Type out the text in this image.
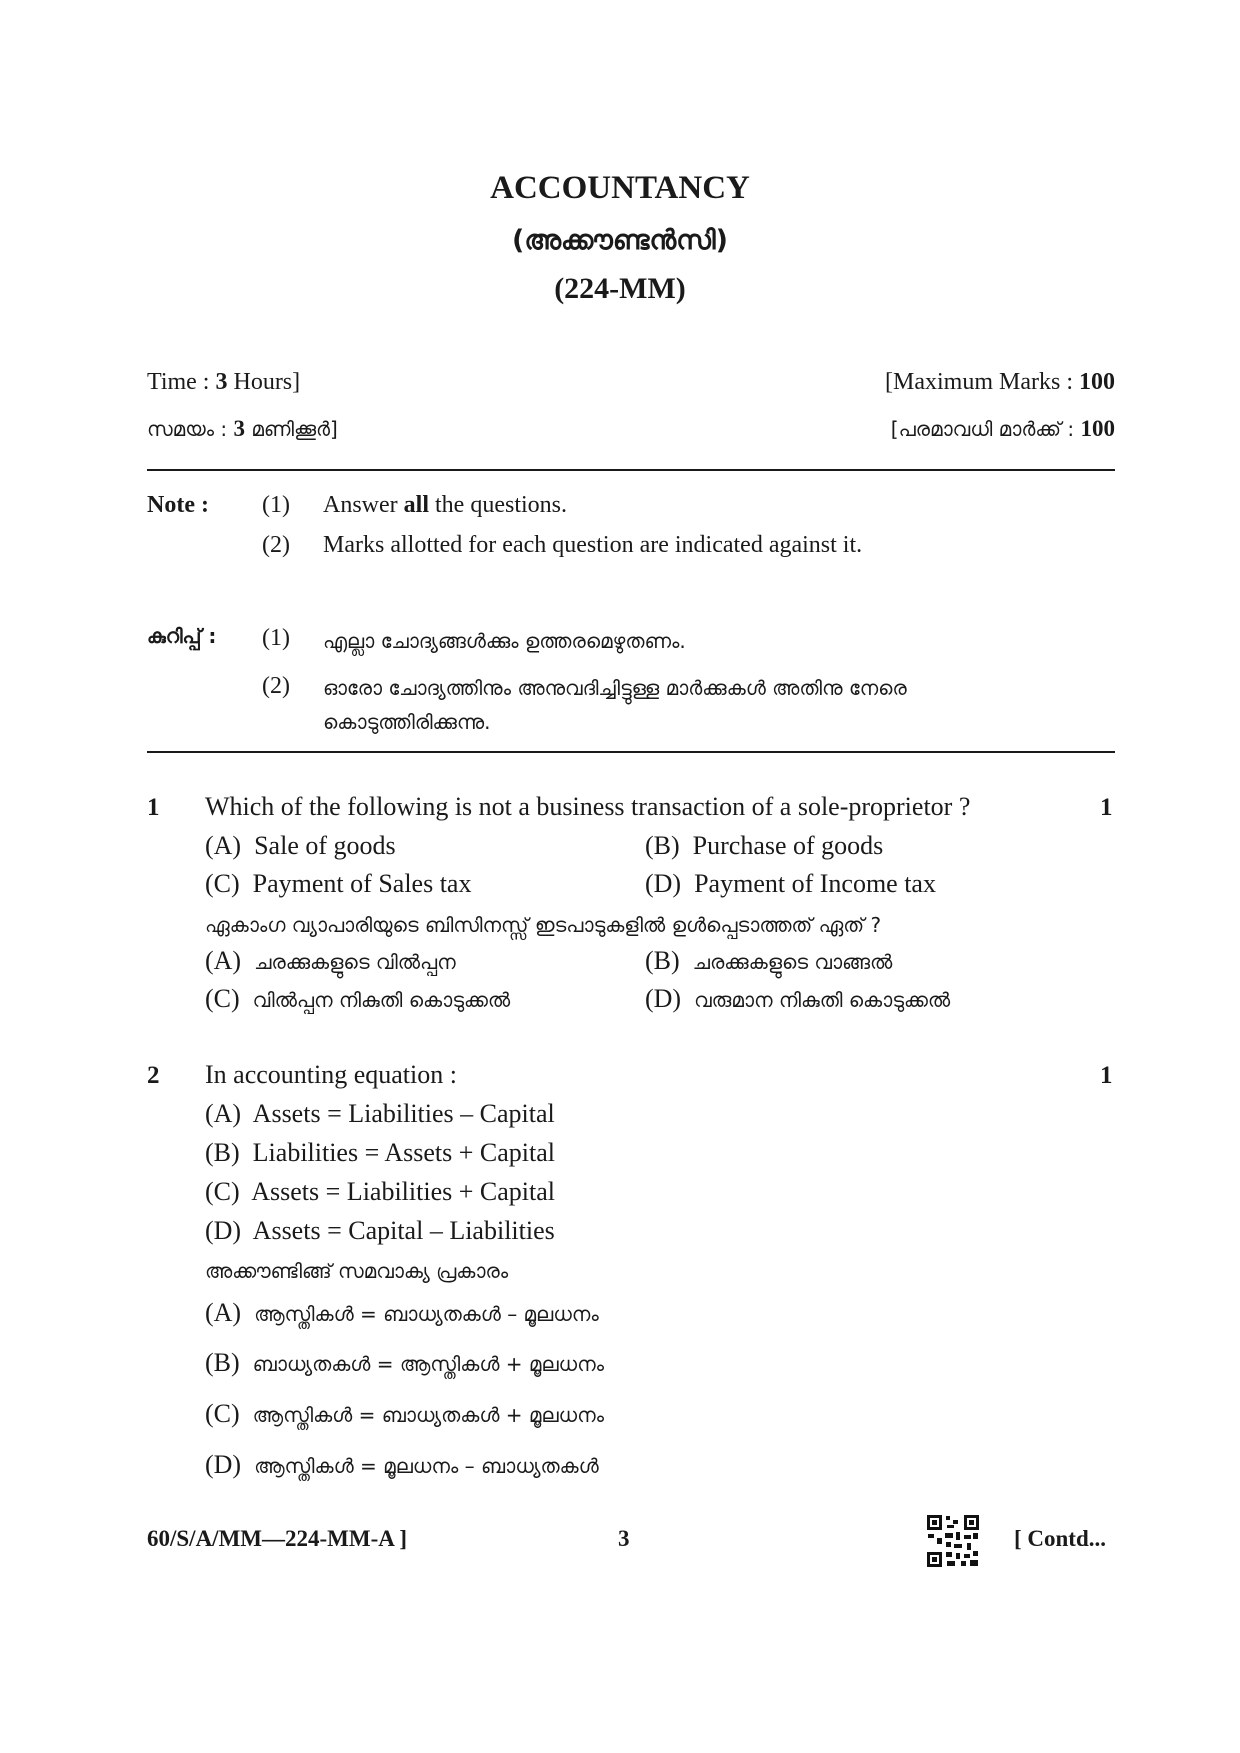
ACCOUNTANCY
(അക്കൗണ്ടൻസി)
(224-MM)
Time : 3 Hours]	[Maximum Marks : 100
സമയം : 3 മണിക്കൂർ]	[പരമാവധി മാർക്ക് : 100
Note : (1) Answer all the questions.
(2) Marks allotted for each question are indicated against it.
കുറിപ്പ് : (1) എല്ലാ ചോദ്യങ്ങൾക്കും ഉത്തരമെഴുതണം.
(2) ഓരോ ചോദ്യത്തിനും അനുവദിച്ചിട്ടുള്ള മാർക്കുകൾ അതിനു നേരെ
കൊടുത്തിരിക്കുന്നു.
1 Which of the following is not a business transaction of a sole-proprietor ?	1
(A) Sale of goods	(B) Purchase of goods
(C) Payment of Sales tax	(D) Payment of Income tax
ഏകാംഗ വ്യാപാരിയുടെ ബിസിനസ്സ് ഇടപാടുകളിൽ ഉൾപ്പെടാത്തത് ഏത് ?
(A) ചരക്കുകളുടെ വിൽപ്പന	(B) ചരക്കുകളുടെ വാങ്ങൽ
(C) വിൽപ്പന നികുതി കൊടുക്കൽ	(D) വരുമാന നികുതി കൊടുക്കൽ
2 In accounting equation :	1
(A) Assets = Liabilities – Capital
(B) Liabilities = Assets + Capital
(C) Assets = Liabilities + Capital
(D) Assets = Capital – Liabilities
അക്കൗണ്ടിങ്ങ് സമവാക്യ പ്രകാരം
(A) ആസ്തികൾ = ബാധ്യതകൾ – മൂലധനം
(B) ബാധ്യതകൾ = ആസ്തികൾ + മൂലധനം
(C) ആസ്തികൾ = ബാധ്യതകൾ + മൂലധനം
(D) ആസ്തികൾ = മൂലധനം – ബാധ്യതകൾ
60/S/A/MM—224-MM-A ]	3	[ Contd...
